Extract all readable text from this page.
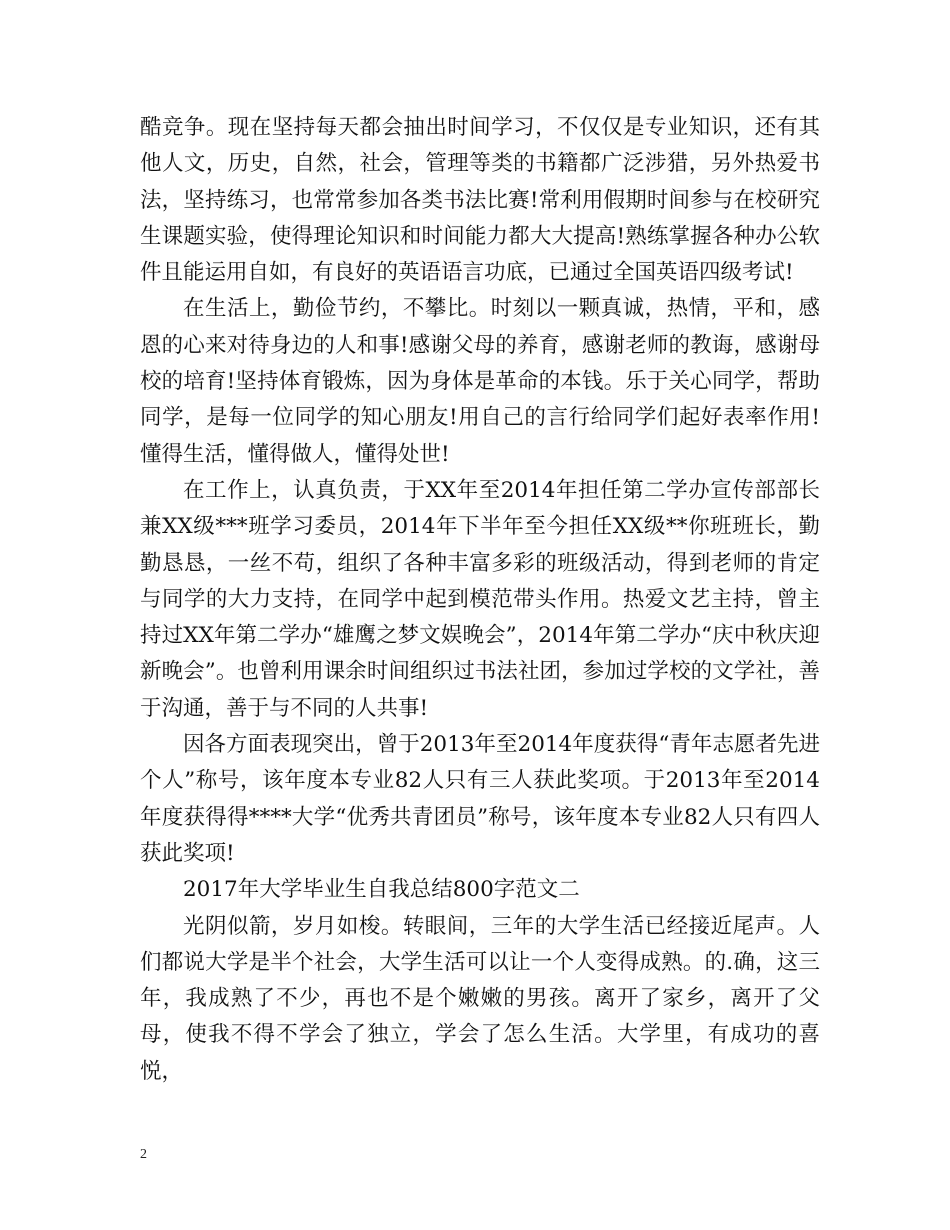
酷竞争。现在坚持每天都会抽出时间学习，不仅仅是专业知识，还有其他人文，历史，自然，社会，管理等类的书籍都广泛涉猎，另外热爱书法，坚持练习，也常常参加各类书法比赛!常利用假期时间参与在校研究生课题实验，使得理论知识和时间能力都大大提高!熟练掌握各种办公软件且能运用自如，有良好的英语语言功底，已通过全国英语四级考试!

在生活上，勤俭节约，不攀比。时刻以一颗真诚，热情，平和，感恩的心来对待身边的人和事!感谢父母的养育，感谢老师的教诲，感谢母校的培育!坚持体育锻炼，因为身体是革命的本钱。乐于关心同学，帮助同学，是每一位同学的知心朋友!用自己的言行给同学们起好表率作用!懂得生活，懂得做人，懂得处世!

在工作上，认真负责，于XX年至2014年担任第二学办宣传部部长兼XX级***班学习委员，2014年下半年至今担任XX级**你班班长，勤勤恳恳，一丝不苟，组织了各种丰富多彩的班级活动，得到老师的肯定与同学的大力支持，在同学中起到模范带头作用。热爱文艺主持，曾主持过XX年第二学办“雄鹰之梦文娱晚会”，2014年第二学办“庆中秋庆迎新晚会”。也曾利用课余时间组织过书法社团，参加过学校的文学社，善于沟通，善于与不同的人共事!

因各方面表现突出，曾于2013年至2014年度获得“青年志愿者先进个人”称号，该年度本专业82人只有三人获此奖项。于2013年至2014年度获得得****大学“优秀共青团员”称号，该年度本专业82人只有四人获此奖项!

2017年大学毕业生自我总结800字范文二

光阴似箭，岁月如梭。转眼间，三年的大学生活已经接近尾声。人们都说大学是半个社会，大学生活可以让一个人变得成熟。的.确，这三年，我成熟了不少，再也不是个嫩嫩的男孩。离开了家乡，离开了父母，使我不得不学会了独立，学会了怎么生活。大学里，有成功的喜悦，

2
